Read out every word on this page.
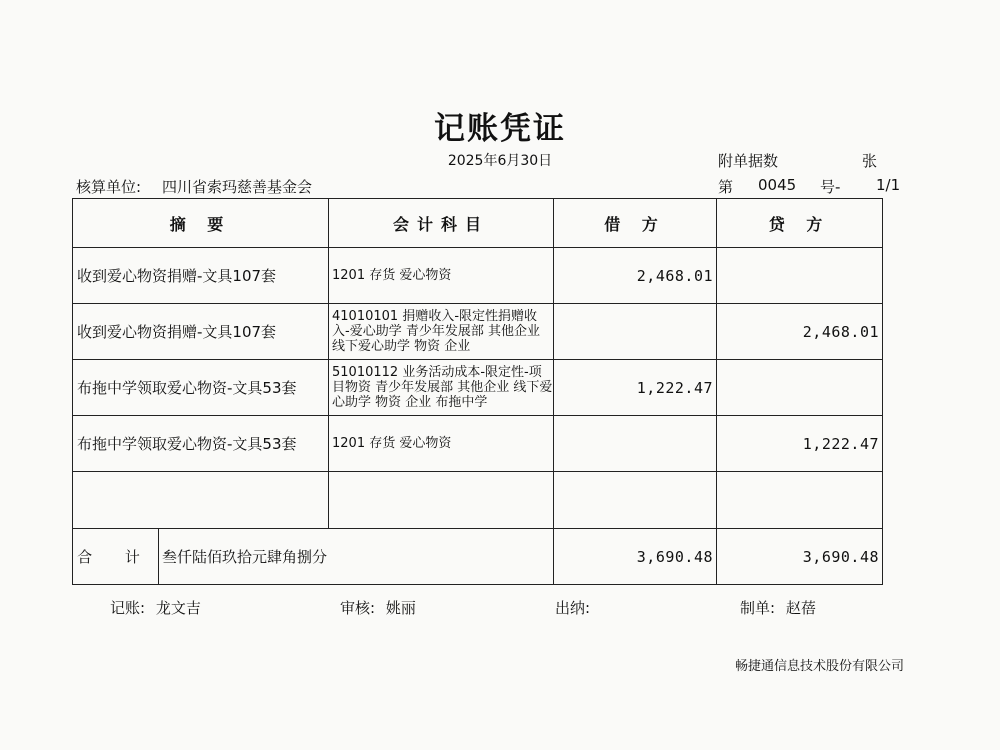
记账凭证
2025年6月30日	附单据数	张
核算单位: 四川省索玛慈善基金会	第	0045	号-	1/1
摘 要		会计科目	借 方	贷 方
收到爱心物资捐赠-文具107套		1201 存货 爱心物资	2,468.01	
收到爱心物资捐赠-文具107套		41010101 捐赠收入-限定性捐赠收入-爱心助学 青少年发展部 其他企业 线下爱心助学 物资 企业		2,468.01
布拖中学领取爱心物资-文具53套		51010112 业务活动成本-限定性-项目物资 青少年发展部 其他企业 线下爱心助学 物资 企业 布拖中学	1,222.47	
布拖中学领取爱心物资-文具53套		1201 存货 爱心物资		1,222.47

合 计	叁仟陆佰玖拾元肆角捌分		3,690.48	3,690.48
记账: 龙文吉	审核: 姚丽	出纳:	制单: 赵蓓
畅捷通信息技术股份有限公司
